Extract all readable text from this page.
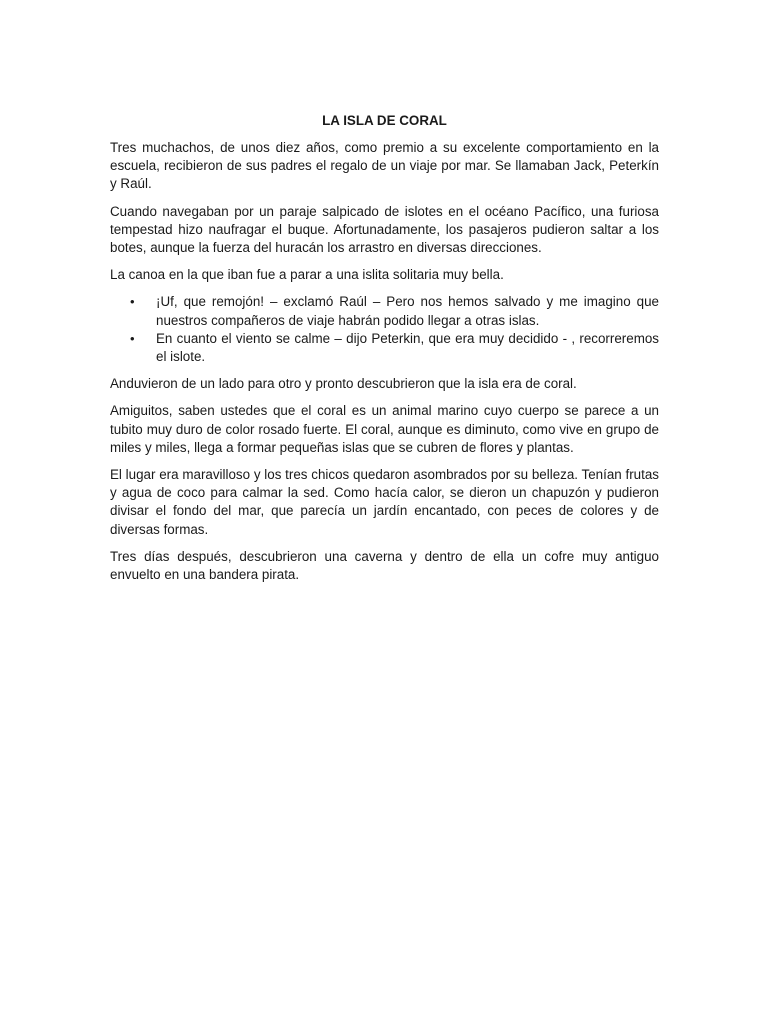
LA ISLA DE CORAL

Tres muchachos, de unos diez años, como premio a su excelente comportamiento en la escuela, recibieron de sus padres el regalo de un viaje por mar. Se llamaban Jack, Peterkín y Raúl.

Cuando navegaban por un paraje salpicado de islotes en el océano Pacífico, una furiosa tempestad hizo naufragar el buque. Afortunadamente, los pasajeros pudieron saltar a los botes, aunque la fuerza del huracán los arrastro en diversas direcciones.

La canoa en la que iban fue a parar a una islita solitaria muy bella.

• ¡Uf, que remojón! – exclamó Raúl – Pero nos hemos salvado y me imagino que nuestros compañeros de viaje habrán podido llegar a otras islas.
• En cuanto el viento se calme – dijo Peterkin, que era muy decidido - , recorreremos el islote.

Anduvieron de un lado para otro y pronto descubrieron que la isla era de coral.

Amiguitos, saben ustedes que el coral es un animal marino cuyo cuerpo se parece a un tubito muy duro de color rosado fuerte. El coral, aunque es diminuto, como vive en grupo de miles y miles, llega a formar pequeñas islas que se cubren de flores y plantas.

El lugar era maravilloso y los tres chicos quedaron asombrados por su belleza. Tenían frutas y agua de coco para calmar la sed. Como hacía calor, se dieron un chapuzón y pudieron divisar el fondo del mar, que parecía un jardín encantado, con peces de colores y de diversas formas.

Tres días después, descubrieron una caverna y dentro de ella un cofre muy antiguo envuelto en una bandera pirata.
